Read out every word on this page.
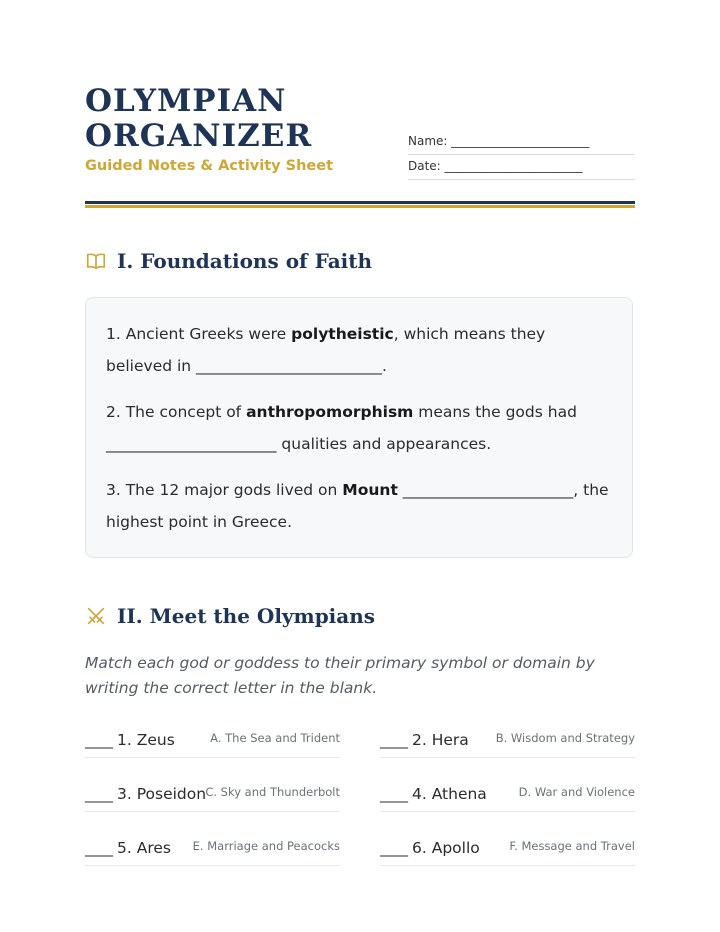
OLYMPIAN
ORGANIZER

Guided Notes & Activity Sheet

Name: _______________________
Date: _______________________
I. Foundations of Faith
1. Ancient Greeks were polytheistic, which means they believed in ________________________.
2. The concept of anthropomorphism means the gods had ______________________ qualities and appearances.
3. The 12 major gods lived on Mount ______________________, the highest point in Greece.
II. Meet the Olympians

Match each god or goddess to their primary symbol or domain by writing the correct letter in the blank.

____ 1. Zeus	A. The Sea and Trident	____ 2. Hera B. Wisdom and Strategy
____ 3. Poseidon C. Sky and Thunderbolt	____ 4. Athena	D. War and Violence
____ 5. Ares E. Marriage and Peacocks	____ 6. Apollo	F. Message and Travel
